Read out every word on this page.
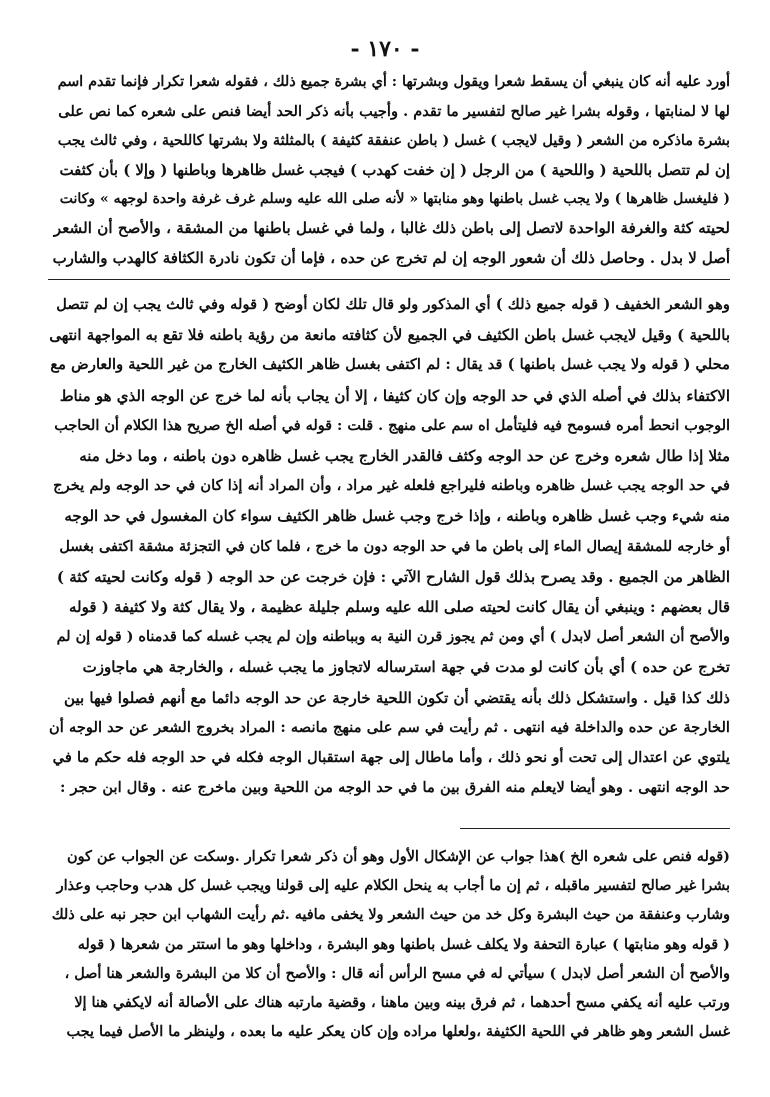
- ١٧٠ -
أورد عليه أنه كان ينبغي أن يسقط شعرا ويقول وبشرتها : أي بشرة جميع ذلك ، فقوله شعرا تكرار فإنما تقدم اسم
لها لا لمنابتها ، وقوله بشرا غير صالح لتفسير ما تقدم . وأجيب بأنه ذكر الحد أيضا فنص على شعره كما نص على
بشرة ماذكره من الشعر ( وقيل لايجب ) غسل ( باطن عنفقة كثيفة ) بالمثلثة ولا بشرتها كاللحية ، وفي ثالث يجب
إن لم تتصل باللحية ( واللحية ) من الرجل ( إن خفت كهدب ) فيجب غسل ظاهرها وباطنها ( وإلا ) بأن كثفت
( فليغسل ظاهرها ) ولا يجب غسل باطنها وهو منابتها « لأنه صلى الله عليه وسلم غرف غرفة واحدة لوجهه » وكانت
لحيته كثة والغرفة الواحدة لاتصل إلى باطن ذلك غالبا ، ولما في غسل باطنها من المشقة ، والأصح أن الشعر
أصل لا بدل . وحاصل ذلك أن شعور الوجه إن لم تخرج عن حده ، فإما أن تكون نادرة الكثافة كالهدب والشارب
وهو الشعر الخفيف ( قوله جميع ذلك ) أي المذكور ولو قال تلك لكان أوضح ( قوله وفي ثالث يجب إن لم تتصل
باللحية ) وقيل لايجب غسل باطن الكثيف في الجميع لأن كثافته مانعة من رؤية باطنه فلا تقع به المواجهة انتهى
محلي ( قوله ولا يجب غسل باطنها ) قد يقال : لم اكتفى بغسل ظاهر الكثيف الخارج من غير اللحية والعارض مع
الاكتفاء بذلك في أصله الذي في حد الوجه وإن كان كثيفا ، إلا أن يجاب بأنه لما خرج عن الوجه الذي هو مناط
الوجوب انحط أمره فسومح فيه فليتأمل اه سم على منهج . قلت : قوله في أصله الخ صريح هذا الكلام أن الحاجب
مثلا إذا طال شعره وخرج عن حد الوجه وكثف فالقدر الخارج يجب غسل ظاهره دون باطنه ، وما دخل منه
في حد الوجه يجب غسل ظاهره وباطنه فليراجع فلعله غير مراد ، وأن المراد أنه إذا كان في حد الوجه ولم يخرج
منه شيء وجب غسل ظاهره وباطنه ، وإذا خرج وجب غسل ظاهر الكثيف سواء كان المغسول في حد الوجه
أو خارجه للمشقة إيصال الماء إلى باطن ما في حد الوجه دون ما خرج ، فلما كان في التجزئة مشقة اكتفى بغسل
الظاهر من الجميع . وقد يصرح بذلك قول الشارح الآتي : فإن خرجت عن حد الوجه ( قوله وكانت لحيته كثة )
قال بعضهم : وينبغي أن يقال كانت لحيته صلى الله عليه وسلم جليلة عظيمة ، ولا يقال كثة ولا كثيفة ( قوله
والأصح أن الشعر أصل لابدل ) أي ومن ثم يجوز قرن النية به وبباطنه وإن لم يجب غسله كما قدمناه ( قوله إن لم
تخرج عن حده ) أي بأن كانت لو مدت في جهة استرساله لاتجاوز ما يجب غسله ، والخارجة هي ماجاوزت
ذلك كذا قيل . واستشكل ذلك بأنه يقتضي أن تكون اللحية خارجة عن حد الوجه دائما مع أنهم فصلوا فيها بين
الخارجة عن حده والداخلة فيه انتهى . ثم رأيت في سم على منهج مانصه : المراد بخروج الشعر عن حد الوجه أن
يلتوي عن اعتدال إلى تحت أو نحو ذلك ، وأما ماطال إلى جهة استقبال الوجه فكله في حد الوجه فله حكم ما في
حد الوجه انتهى . وهو أيضا لايعلم منه الفرق بين ما في حد الوجه من اللحية وبين ماخرج عنه . وقال ابن حجر :
(قوله فنص على شعره الخ )هذا جواب عن الإشكال الأول وهو أن ذكر شعرا تكرار .وسكت عن الجواب عن كون
بشرا غير صالح لتفسير ماقبله ، ثم إن ما أجاب به ينحل الكلام عليه إلى قولنا ويجب غسل كل هدب وحاجب وعذار
وشارب وعنفقة من حيث البشرة وكل خد من حيث الشعر ولا يخفى مافيه .ثم رأيت الشهاب ابن حجر نبه على ذلك
( قوله وهو منابتها ) عبارة التحفة ولا يكلف غسل باطنها وهو البشرة ، وداخلها وهو ما استتر من شعرها ( قوله
والأصح أن الشعر أصل لابدل ) سيأتي له في مسح الرأس أنه قال : والأصح أن كلا من البشرة والشعر هنا أصل ،
ورتب عليه أنه يكفي مسح أحدهما ، ثم فرق بينه وبين ماهنا ، وقضية مارتبه هناك على الأصالة أنه لايكفي هنا إلا
غسل الشعر وهو ظاهر في اللحية الكثيفة ،ولعلها مراده وإن كان يعكر عليه ما بعده ، ولينظر ما الأصل فيما يجب
